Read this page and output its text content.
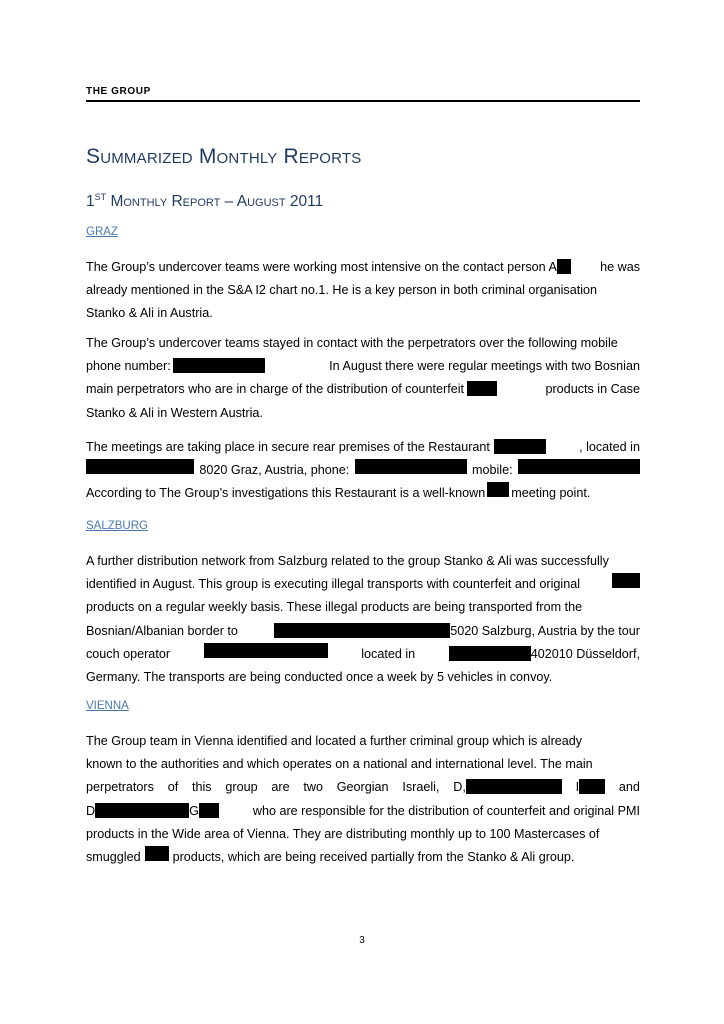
THE GROUP
Summarized Monthly Reports
1ST Monthly Report – August 2011
GRAZ
The Group’s undercover teams were working most intensive on the contact person A	he was
already mentioned in the S&A I2 chart no.1. He is a key person in both criminal organisation
Stanko & Ali in Austria.
The Group’s undercover teams stayed in contact with the perpetrators over the following mobile
phone number:	In August there were regular meetings with two Bosnian
main perpetrators who are in charge of the distribution of counterfeit	products in Case
Stanko & Ali in Western Austria.
The meetings are taking place in secure rear premises of the Restaurant	, located in
8020 Graz, Austria, phone:	mobile:
According to The Group’s investigations this Restaurant is a well-known meeting point.
SALZBURG
A further distribution network from Salzburg related to the group Stanko & Ali was successfully
identified in August. This group is executing illegal transports with counterfeit and original
products on a regular weekly basis. These illegal products are being transported from the
Bosnian/Albanian border to	5020 Salzburg, Austria by the tour
couch operator	located in	402010 Düsseldorf,
Germany. The transports are being conducted once a week by 5 vehicles in convoy.
VIENNA
The Group team in Vienna identified and located a further criminal group which is already
known to the authorities and which operates on a national and international level. The main
perpetrators of this group are two Georgian Israeli, D,	I	and
D	G	who are responsible for the distribution of counterfeit and original PMI
products in the Wide area of Vienna. They are distributing monthly up to 100 Mastercases of
smuggled	products, which are being received partially from the Stanko & Ali group.
3
